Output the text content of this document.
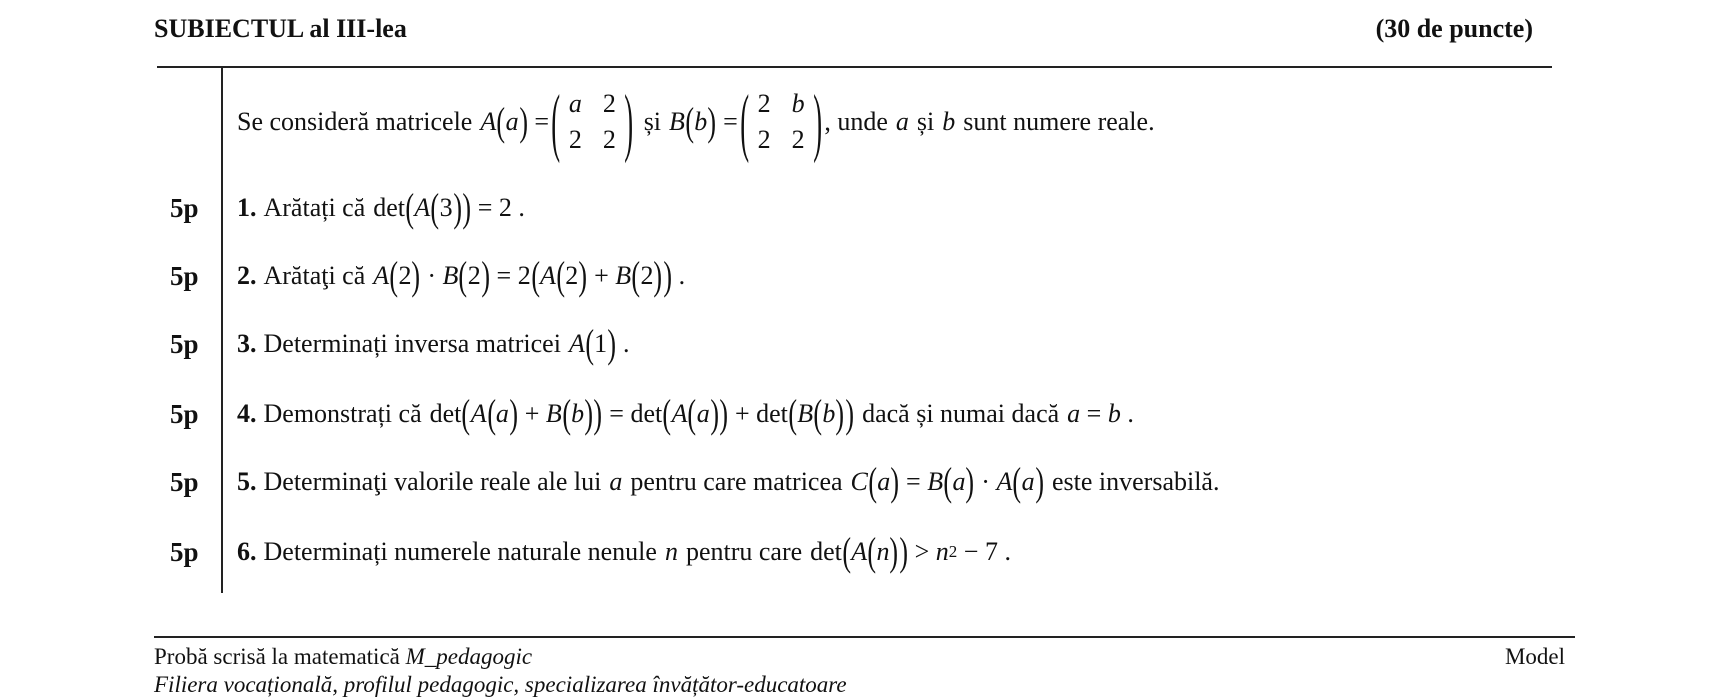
SUBIECTUL al III-lea	(30 de puncte)
Se consideră matricele A ( a ) = ( a 2
2 2 ) și B ( b ) = ( 2 b
2 2 ) , unde a și b sunt numere reale.
5p 1. Arătați că det ( A ( 3 ) ) = 2 .
5p 2. Arătaţi că A ( 2 ) · B ( 2 ) = 2 ( A ( 2 ) + B ( 2 ) ) .
5p 3. Determinați inversa matricei A ( 1 ) .
5p 4. Demonstrați că det ( A ( a ) + B ( b ) ) = det ( A ( a ) ) + det ( B ( b ) ) dacă și numai dacă a = b .
5p 5. Determinaţi valorile reale ale lui a pentru care matricea C ( a ) = B ( a ) · A ( a ) este inversabilă.
5p 6. Determinați numerele naturale nenule n pentru care det ( A ( n ) ) > n 2 − 7 .
Probă scrisă la matematică M_pedagogic
Filiera vocațională, profilul pedagogic, specializarea învățător-educatoare
Model
